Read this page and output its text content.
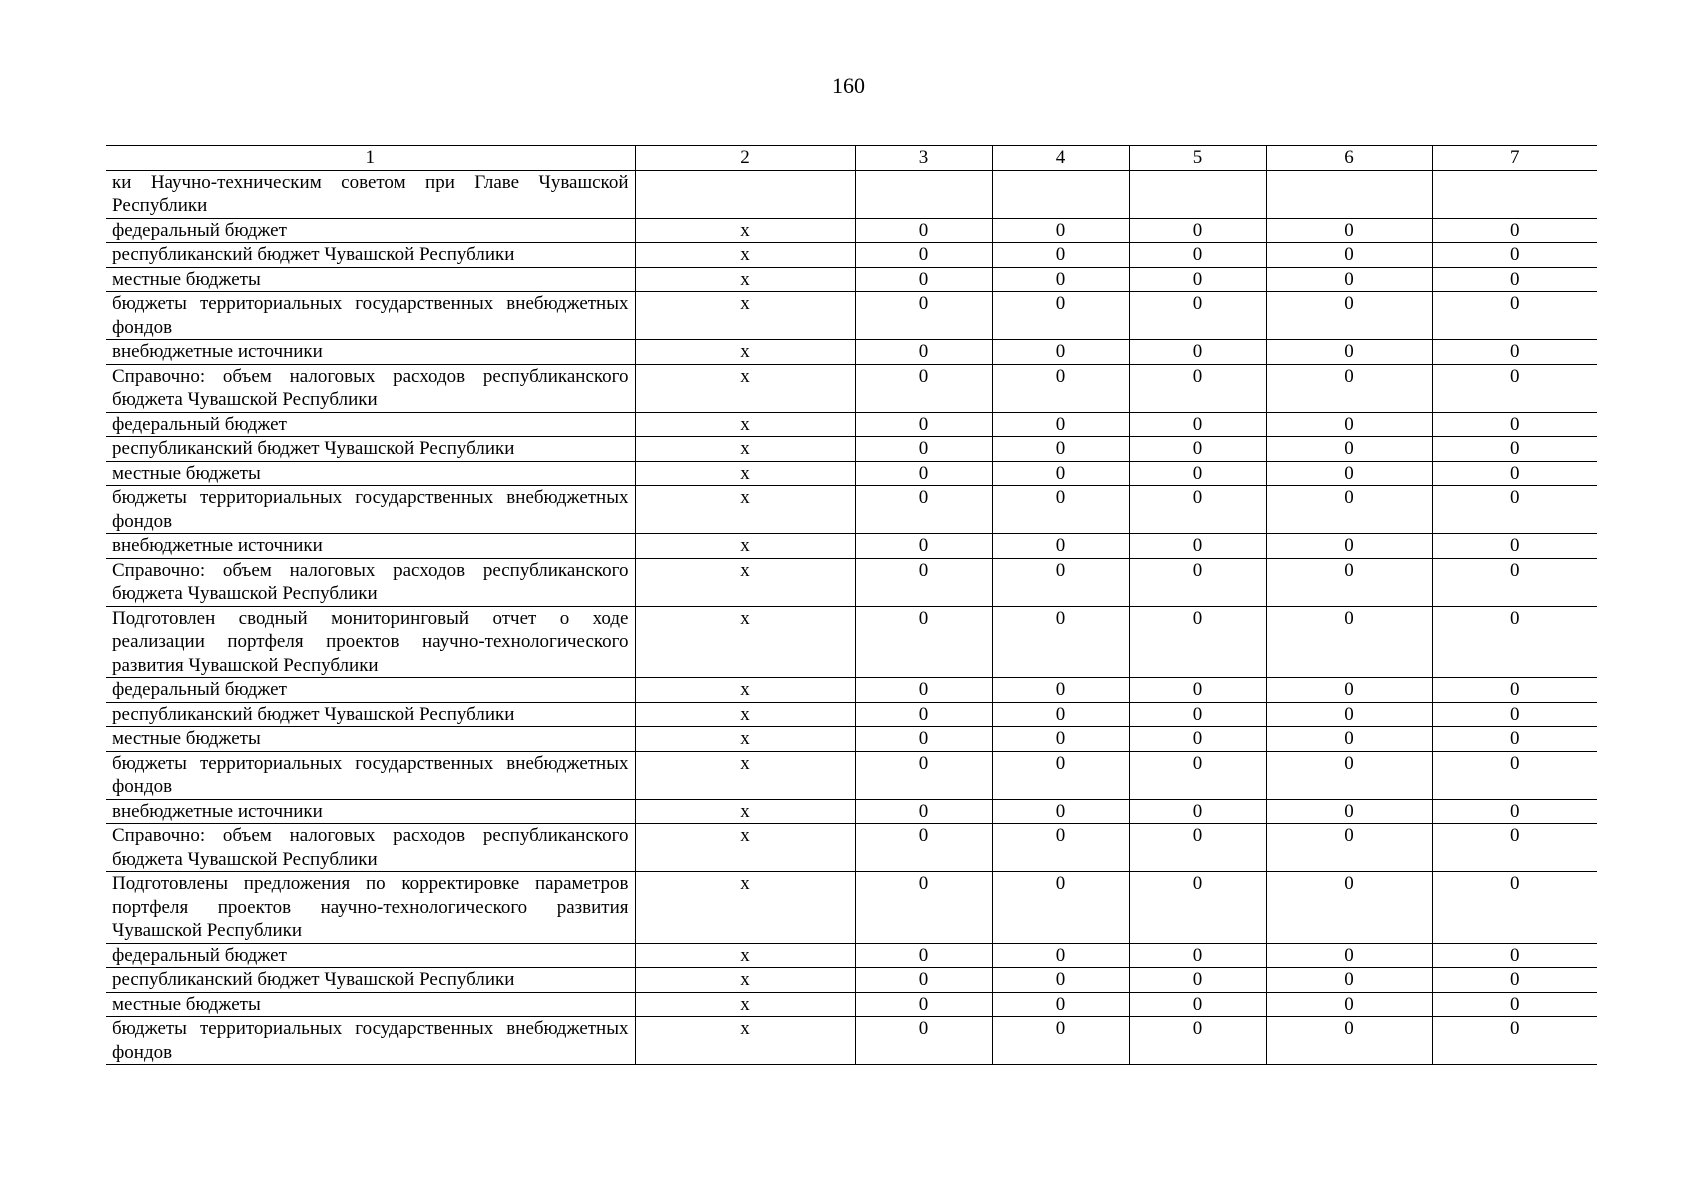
160
1	2	3	4	5	6	7
ки Научно-техническим советом при Главе Чувашской Республики						
федеральный бюджет	х	0	0	0	0	0
республиканский бюджет Чувашской Республики	х	0	0	0	0	0
местные бюджеты	х	0	0	0	0	0
бюджеты территориальных государственных внебюджетных фондов	х	0	0	0	0	0
внебюджетные источники	х	0	0	0	0	0
Справочно: объем налоговых расходов республиканского бюджета Чувашской Республики	х	0	0	0	0	0
федеральный бюджет	х	0	0	0	0	0
республиканский бюджет Чувашской Республики	х	0	0	0	0	0
местные бюджеты	х	0	0	0	0	0
бюджеты территориальных государственных внебюджетных фондов	х	0	0	0	0	0
внебюджетные источники	х	0	0	0	0	0
Справочно: объем налоговых расходов республиканского бюджета Чувашской Республики	х	0	0	0	0	0
Подготовлен сводный мониторинговый отчет о ходе реализации портфеля проектов научно-технологического развития Чувашской Республики	х	0	0	0	0	0
федеральный бюджет	х	0	0	0	0	0
республиканский бюджет Чувашской Республики	х	0	0	0	0	0
местные бюджеты	х	0	0	0	0	0
бюджеты территориальных государственных внебюджетных фондов	х	0	0	0	0	0
внебюджетные источники	х	0	0	0	0	0
Справочно: объем налоговых расходов республиканского бюджета Чувашской Республики	х	0	0	0	0	0
Подготовлены предложения по корректировке параметров портфеля проектов научно-технологического развития Чувашской Республики	х	0	0	0	0	0
федеральный бюджет	х	0	0	0	0	0
республиканский бюджет Чувашской Республики	х	0	0	0	0	0
местные бюджеты	х	0	0	0	0	0
бюджеты территориальных государственных внебюджетных фондов	х	0	0	0	0	0
